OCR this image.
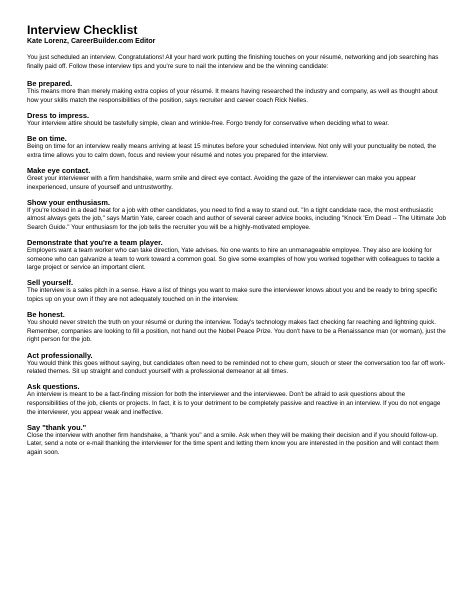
Interview Checklist
Kate Lorenz, CareerBuilder.com Editor

You just scheduled an interview. Congratulations! All your hard work putting the finishing touches on your résumé, networking and job searching has finally paid off. Follow these interview tips and you're sure to nail the interview and be the winning candidate:

Be prepared.

This means more than merely making extra copies of your résumé. It means having researched the industry and company, as well as thought about how your skills match the responsibilities of the position, says recruiter and career coach Rick Nelles.

Dress to impress.

Your interview attire should be tastefully simple, clean and wrinkle-free. Forgo trendy for conservative when deciding what to wear.

Be on time.

Being on time for an interview really means arriving at least 15 minutes before your scheduled interview. Not only will your punctuality be noted, the extra time allows you to calm down, focus and review your résumé and notes you prepared for the interview.

Make eye contact.

Greet your interviewer with a firm handshake, warm smile and direct eye contact. Avoiding the gaze of the interviewer can make you appear inexperienced, unsure of yourself and untrustworthy.

Show your enthusiasm.

If you're locked in a dead heat for a job with other candidates, you need to find a way to stand out. "In a tight candidate race, the most enthusiastic almost always gets the job," says Martin Yate, career coach and author of several career advice books, including "Knock 'Em Dead -- The Ultimate Job Search Guide." Your enthusiasm for the job tells the recruiter you will be a highly-motivated employee.

Demonstrate that you're a team player.

Employers want a team worker who can take direction, Yate advises. No one wants to hire an unmanageable employee. They also are looking for someone who can galvanize a team to work toward a common goal. So give some examples of how you worked together with colleagues to tackle a large project or service an important client.

Sell yourself.

The interview is a sales pitch in a sense. Have a list of things you want to make sure the interviewer knows about you and be ready to bring specific topics up on your own if they are not adequately touched on in the interview.

Be honest.

You should never stretch the truth on your résumé or during the interview. Today's technology makes fact checking far reaching and lightning quick. Remember, companies are looking to fill a position, not hand out the Nobel Peace Prize. You don't have to be a Renaissance man (or woman), just the right person for the job.

Act professionally.

You would think this goes without saying, but candidates often need to be reminded not to chew gum, slouch or steer the conversation too far off work-related themes. Sit up straight and conduct yourself with a professional demeanor at all times.

Ask questions.

An interview is meant to be a fact-finding mission for both the interviewer and the interviewee. Don't be afraid to ask questions about the responsibilities of the job, clients or projects. In fact, it is to your detriment to be completely passive and reactive in an interview. If you do not engage the interviewer, you appear weak and ineffective.

Say "thank you."

Close the interview with another firm handshake, a "thank you" and a smile. Ask when they will be making their decision and if you should follow-up. Later, send a note or e-mail thanking the interviewer for the time spent and letting them know you are interested in the position and will contact them again soon.
